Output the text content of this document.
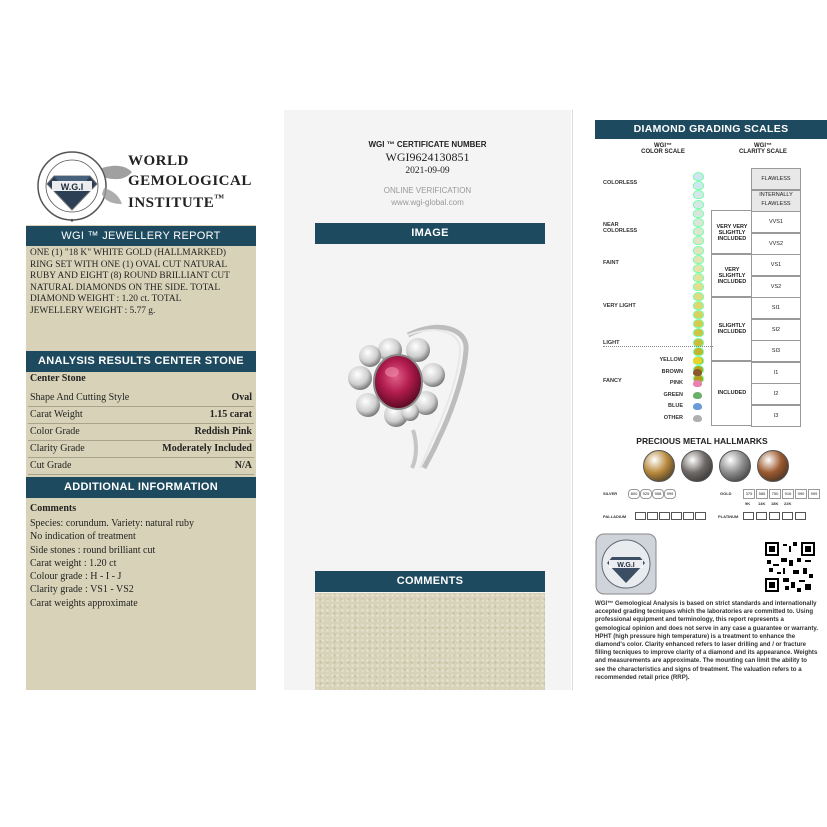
W.G.I
★
WORLD
GEMOLOGICAL
INSTITUTE™
WGI ™ JEWELLERY REPORT
ONE (1) "18 K" WHITE GOLD (HALLMARKED)
RING SET WITH ONE (1) OVAL CUT NATURAL
RUBY AND EIGHT (8) ROUND BRILLIANT CUT
NATURAL DIAMONDS ON THE SIDE. TOTAL
DIAMOND WEIGHT : 1.20 ct. TOTAL
JEWELLERY WEIGHT : 5.77 g.
ANALYSIS RESULTS CENTER STONE
Center Stone
Shape And Cutting Style	Oval
Carat Weight	1.15 carat
Color Grade	Reddish Pink
Clarity Grade	Moderately Included
Cut Grade	N/A
ADDITIONAL INFORMATION
Comments
Species: corundum. Variety: natural ruby
No indication of treatment
Side stones : round brilliant cut
Carat weight : 1.20 ct
Colour grade : H - I - J
Clarity grade : VS1 - VS2
Carat weights approximate
WGI ™ CERTIFICATE NUMBER
WGI9624130851
2021-09-09
ONLINE VERIFICATION
www.wgi-global.com
IMAGE
COMMENTS
DIAMOND GRADING SCALES
WGI™
COLOR SCALE
WGI™
CLARITY SCALE
COLORLESS
NEAR COLORLESS
FAINT
VERY LIGHT
LIGHT
FANCY
YELLOW
BROWN
PINK
GREEN
BLUE
OTHER
FLAWLESS
INTERNALLY FLAWLESS
VVS1
VVS2
VS1
VS2
SI1
SI2
SI3
I1
I2
I3
VERY VERY SLIGHTLY INCLUDED
VERY SLIGHTLY INCLUDED
SLIGHTLY INCLUDED
INCLUDED
PRECIOUS METAL HALLMARKS
SILVER	800	925	958	999	GOLD	375	585	750	916	990	999
9K 14K 18K 22K
PALLADIUM	PLATINUM
W.G.I
WGI™ Gemological Analysis is based on strict standards and internationally
accepted grading tecniques which the laboratories are committed to. Using
professional equipment and terminology, this report represents a
gemological opinion and does not serve in any case a guarantee or warranty.
HPHT (high pressure high temperature) is a treatment to enhance the
diamond's color. Clarity enhanced refers to laser drilling and / or fracture
filling tecniques to improve clarity of a diamond and its appearance. Weights
and measurements are approximate. The mounting can limit the ability to
see the characteristics and signs of treatment. The valuation refers to a
recommended retail price (RRP).
